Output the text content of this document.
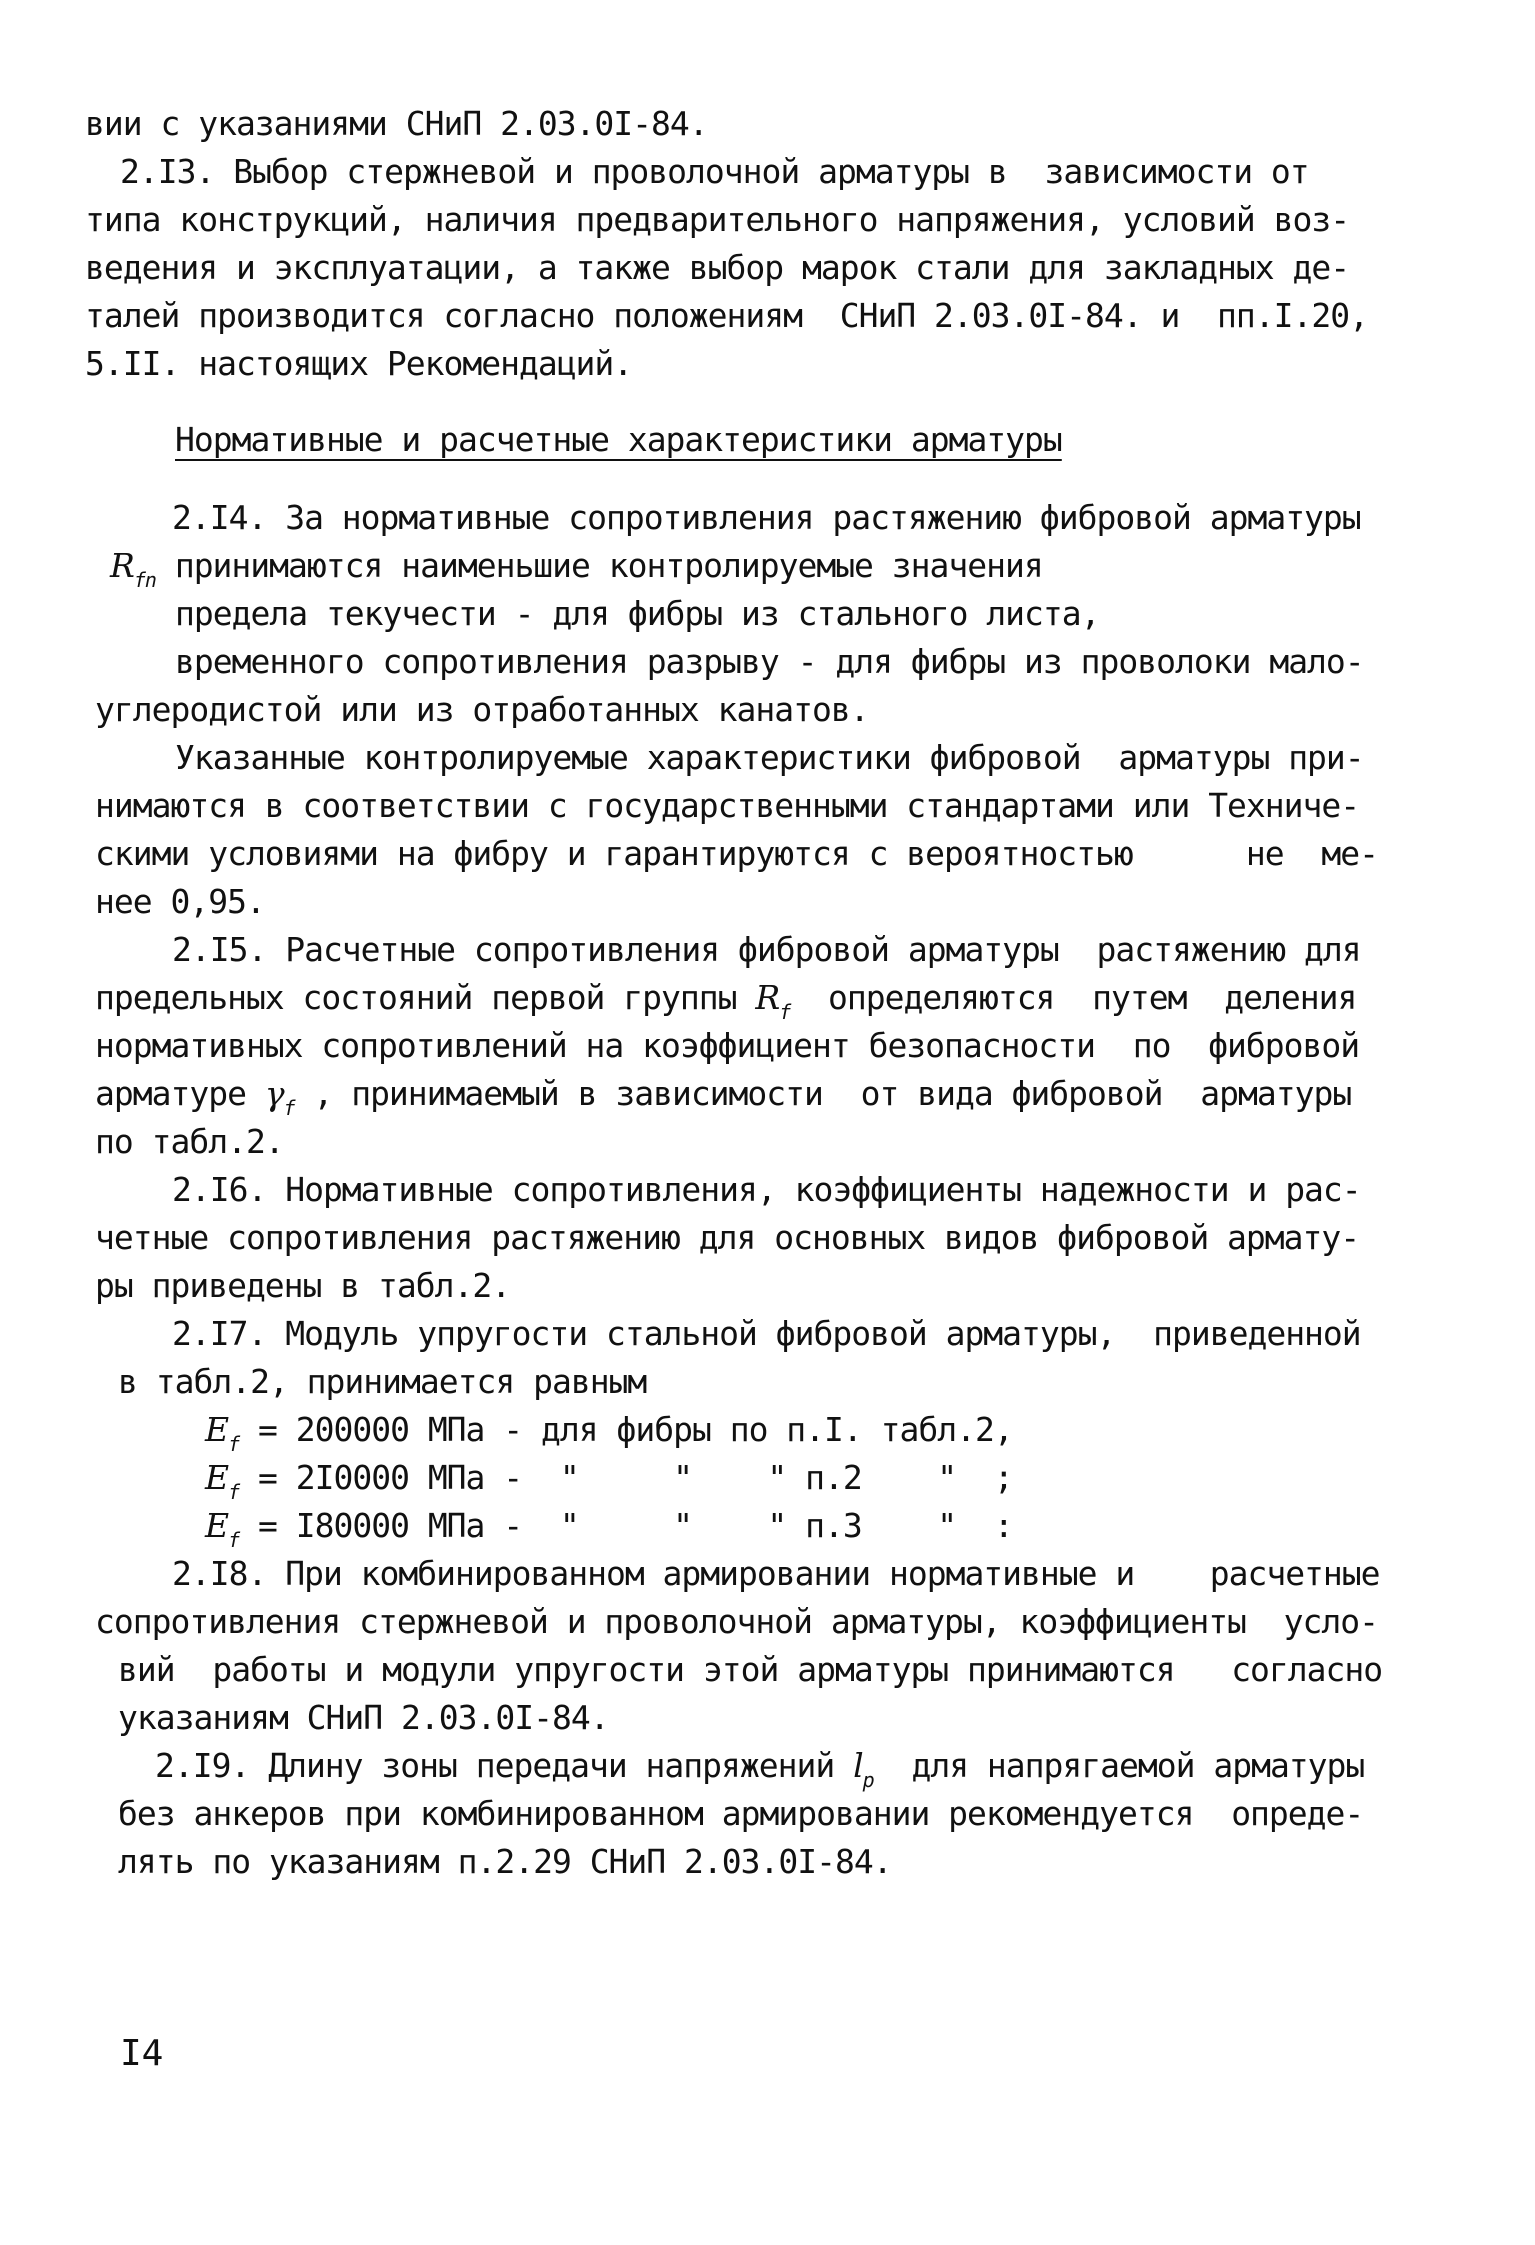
вии с указаниями СНиП 2.03.0I-84.
2.I3. Выбор стержневой и проволочной арматуры в  зависимости от
типа конструкций, наличия предварительного напряжения, условий воз-
ведения и эксплуатации, а также выбор марок стали для закладных де-
талей производится согласно положениям  СНиП 2.03.0I-84. и  пп.I.20,
5.II. настоящих Рекомендаций.
Нормативные и расчетные характеристики арматуры
2.I4. За нормативные сопротивления растяжению фибровой арматуры
$R_{fn}$ принимаются наименьшие контролируемые значения
предела текучести - для фибры из стального листа,
временного сопротивления разрыву - для фибры из проволоки мало-
углеродистой или из отработанных канатов.
Указанные контролируемые характеристики фибровой  арматуры при-
нимаются в соответствии с государственными стандартами или Техниче-
скими условиями на фибру и гарантируются с вероятностью      не  ме-
нее 0,95.
2.I5. Расчетные сопротивления фибровой арматуры  растяжению для
предельных состояний первой группы $R_f$  определяются  путем  деления
нормативных сопротивлений на коэффициент безопасности  по  фибровой
арматуре $\gamma_f$ , принимаемый в зависимости  от вида фибровой  арматуры
по табл.2.
2.I6. Нормативные сопротивления, коэффициенты надежности и рас-
четные сопротивления растяжению для основных видов фибровой армату-
ры приведены в табл.2.
2.I7. Модуль упругости стальной фибровой арматуры,  приведенной
в табл.2, принимается равным
$E_f = 200000$ МПа - для фибры по п.I. табл.2,
$E_f = 2I0000$ МПа -  "     "    " п.2    "  ;
$E_f = I80000$ МПа -  "     "    " п.3    "  :
2.I8. При комбинированном армировании нормативные и    расчетные
сопротивления стержневой и проволочной арматуры, коэффициенты  усло-
вий  работы и модули упругости этой арматуры принимаются   согласно
указаниям СНиП 2.03.0I-84.
2.I9. Длину зоны передачи напряжений $l_p$  для напрягаемой арматуры
без анкеров при комбинированном армировании рекомендуется  опреде-
лять по указаниям п.2.29 СНиП 2.03.0I-84.
I4
